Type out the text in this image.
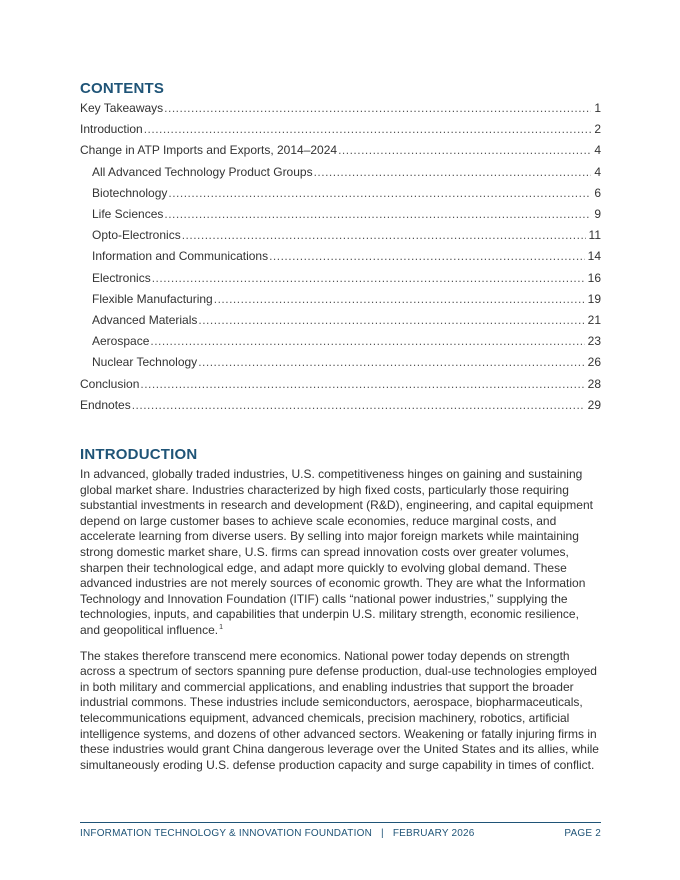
CONTENTS
Key Takeaways .....	1
Introduction .....	2
Change in ATP Imports and Exports, 2014–2024 .....	4
All Advanced Technology Product Groups .....	4
Biotechnology .....	6
Life Sciences .....	9
Opto-Electronics .....	11
Information and Communications .....	14
Electronics .....	16
Flexible Manufacturing .....	19
Advanced Materials .....	21
Aerospace .....	23
Nuclear Technology .....	26
Conclusion .....	28
Endnotes .....	29
INTRODUCTION

In advanced, globally traded industries, U.S. competitiveness hinges on gaining and sustaining global market share. Industries characterized by high fixed costs, particularly those requiring substantial investments in research and development (R&D), engineering, and capital equipment depend on large customer bases to achieve scale economies, reduce marginal costs, and accelerate learning from diverse users. By selling into major foreign markets while maintaining strong domestic market share, U.S. firms can spread innovation costs over greater volumes, sharpen their technological edge, and adapt more quickly to evolving global demand. These advanced industries are not merely sources of economic growth. They are what the Information Technology and Innovation Foundation (ITIF) calls “national power industries,” supplying the technologies, inputs, and capabilities that underpin U.S. military strength, economic resilience, and geopolitical influence.$^1$

The stakes therefore transcend mere economics. National power today depends on strength across a spectrum of sectors spanning pure defense production, dual-use technologies employed in both military and commercial applications, and enabling industries that support the broader industrial commons. These industries include semiconductors, aerospace, biopharmaceuticals, telecommunications equipment, advanced chemicals, precision machinery, robotics, artificial intelligence systems, and dozens of other advanced sectors. Weakening or fatally injuring firms in these industries would grant China dangerous leverage over the United States and its allies, while simultaneously eroding U.S. defense production capacity and surge capability in times of conflict.

INFORMATION TECHNOLOGY & INNOVATION FOUNDATION | FEBRUARY 2026	PAGE 2
